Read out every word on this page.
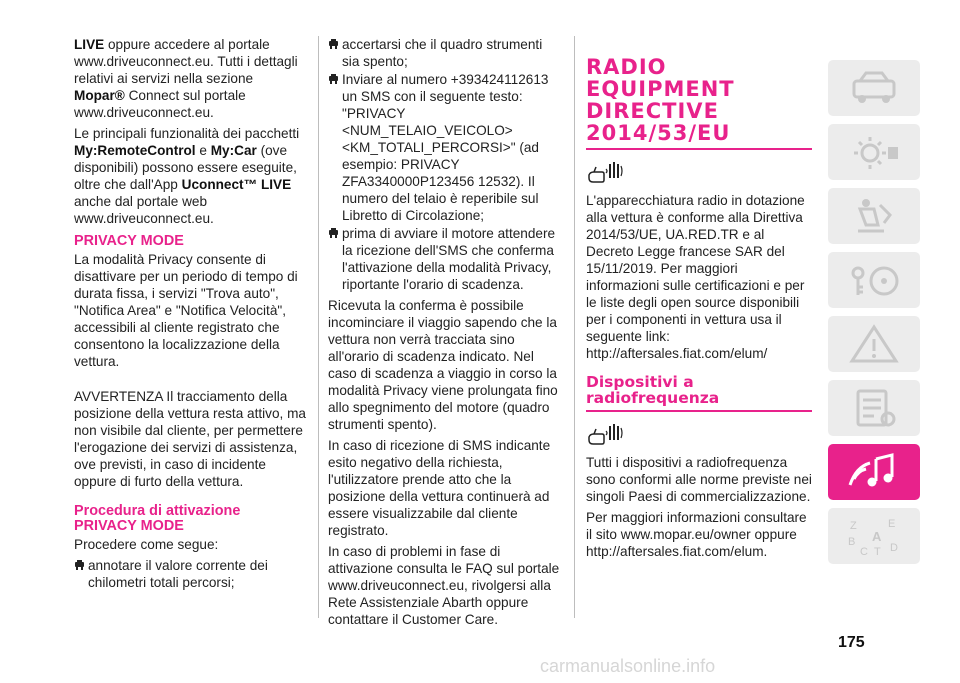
LIVE oppure accedere al portale www.driveuconnect.eu. Tutti i dettagli relativi ai servizi nella sezione Mopar® Connect sul portale www.driveuconnect.eu.

Le principali funzionalità dei pacchetti My:RemoteControl e My:Car (ove disponibili) possono essere eseguite, oltre che dall'App Uconnect™ LIVE anche dal portale web www.driveuconnect.eu.

PRIVACY MODE

La modalità Privacy consente di disattivare per un periodo di tempo di durata fissa, i servizi "Trova auto", "Notifica Area" e "Notifica Velocità", accessibili al cliente registrato che consentono la localizzazione della vettura.

AVVERTENZA Il tracciamento della posizione della vettura resta attivo, ma non visibile dal cliente, per permettere l'erogazione dei servizi di assistenza, ove previsti, in caso di incidente oppure di furto della vettura.

Procedura di attivazione PRIVACY MODE

Procedere come segue:

annotare il valore corrente dei chilometri totali percorsi;
accertarsi che il quadro strumenti sia spento;
Inviare al numero +393424112613 un SMS con il seguente testo: "PRIVACY <NUM_TELAIO_VEICOLO> <KM_TOTALI_PERCORSI>" (ad esempio: PRIVACY ZFA3340000P123456 12532). Il numero del telaio è reperibile sul Libretto di Circolazione;
prima di avviare il motore attendere la ricezione dell'SMS che conferma l'attivazione della modalità Privacy, riportante l'orario di scadenza.

Ricevuta la conferma è possibile incominciare il viaggio sapendo che la vettura non verrà tracciata sino all'orario di scadenza indicato. Nel caso di scadenza a viaggio in corso la modalità Privacy viene prolungata fino allo spegnimento del motore (quadro strumenti spento).

In caso di ricezione di SMS indicante esito negativo della richiesta, l'utilizzatore prende atto che la posizione della vettura continuerà ad essere visualizzabile dal cliente registrato.

In caso di problemi in fase di attivazione consulta le FAQ sul portale www.driveuconnect.eu, rivolgersi alla Rete Assistenziale Abarth oppure contattare il Customer Care.

RADIO EQUIPMENT DIRECTIVE 2014/53/EU

L'apparecchiatura radio in dotazione alla vettura è conforme alla Direttiva 2014/53/UE, UA.RED.TR e al Decreto Legge francese SAR del 15/11/2019. Per maggiori informazioni sulle certificazioni e per le liste degli open source disponibili per i componenti in vettura usa il seguente link: http://aftersales.fiat.com/elum/

Dispositivi a radiofrequenza

Tutti i dispositivi a radiofrequenza sono conformi alle norme previste nei singoli Paesi di commercializzazione.

Per maggiori informazioni consultare il sito www.mopar.eu/owner oppure http://aftersales.fiat.com/elum.

Z	E
B A
C T D
175
carmanualsonline.info
